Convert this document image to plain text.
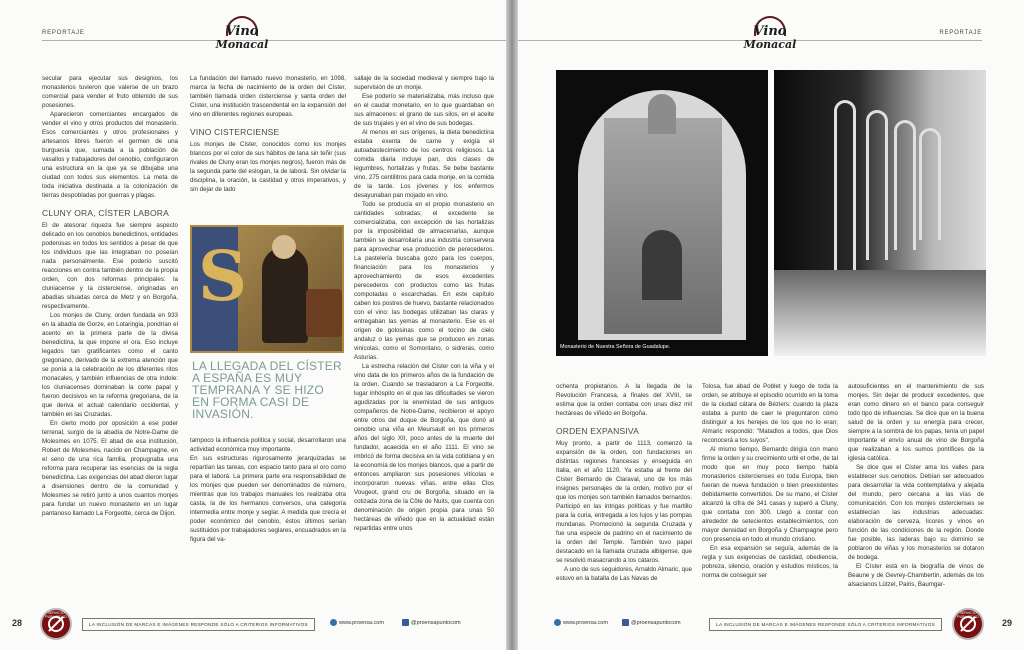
REPORTAJE	Vino
Monacal

secular para ejecutar sus designios, los monasterios tuvieron que valerse de un brazo comercial para vender el fruto obtenido de sus posesiones.

Aparecieron comerciantes encargados de vender el vino y otros productos del monasterio. Esos comerciantes y otros profesionales y artesanos libres fueron el germen de una burguesía que, sumada a la población de vasallos y trabajadores del cenobio, configuraron una estructura en la que ya se dibujaba una ciudad con todos sus elementos. La meta de toda iniciativa destinada a la colonización de tierras despobladas por guerras y plagas.

CLUNY ORA, CÍSTER LABORA

El de atesorar riqueza fue siempre aspecto delicado en los cenobios benedictinos, entidades poderosas en todos los sentidos a pesar de que los individuos que las integraban no poseían nada personalmente. Ese poderío suscitó reacciones en contra también dentro de la propia orden, con dos reformas principales: la cluniacense y la cisterciense, originadas en abadías situadas cerca de Metz y en Borgoña, respectivamente.

Los monjes de Cluny, orden fundada en 933 en la abadía de Gorze, en Lotaringia, pondrían el acento en la primera parte de la divisa benedictina, la que impone el ora. Eso incluye legados tan gratificantes como el canto gregoriano, derivado de la extrema atención que se ponía a la celebración de los diferentes ritos monacales, y también influencias de otra índole: los cluniacenses dominaban la corte papal y fueron decisivos en la reforma gregoriana, de la que deriva el actual calendario occidental, y también en las Cruzadas.

En cierto modo por oposición a ese poder terrenal, surgió de la abadía de Notre-Dame de Molesmes en 1075. El abad de esa institución, Robert de Molesmes, nacido en Champagne, en el seno de una rica familia, propugnaba una reforma para recuperar las esencias de la regla benedictina. Las exigencias del abad dieron lugar a disensiones dentro de la comunidad y Molesmes se retiró junto a unos cuantos monjes para fundar un nuevo monasterio en un lugar pantanoso llamado La Forgeotte, cerca de Dijon.

La fundación del llamado nuevo monasterio, en 1098, marca la fecha de nacimiento de la orden del Císter, también llamada orden cisterciense y santa orden del Císter, una institución trascendental en la expansión del vino en diferentes regiones europeas.

VINO CISTERCIENSE

Los monjes de Císter, conocidos como los monjes blancos por el color de sus hábitos de lana sin teñir (sus rivales de Cluny eran los monjes negros), fueron más de la segunda parte del eslogan, la de laborá. Sin olvidar la disciplina, la oración, la castidad y otros imperativos, y sin dejar de lado

S
LA LLEGADA DEL CÍSTER A ESPAÑA ES MUY TEMPRANA Y SE HIZO EN FORMA CASI DE INVASIÓN.

tampoco la influencia política y social, desarrollaron una actividad económica muy importante.
En sus estructuras rigurosamente jerarquizadas se repartían las tareas, con espacio tanto para el oro como para el laborá. La primera parte era responsabilidad de los monjes que pueden ser denominados de número, mientras que los trabajos manuales los realizaba otra casta, la de los hermanos conversos, una categoría intermedia entre monje y seglar. A medida que crecía el poder económico del cenobio, éstos últimos serían sustituidos por trabajadores seglares, encuadrados en la figura del va-

sallaje de la sociedad medieval y siempre bajo la supervisión de un monje.

Ese poderío se materializaba, más incluso que en el caudal monetario, en lo que guardaban en sus almacenes: el grano de sus silos, en el aceite de sus trujales y en el vino de sus bodegas.

Al menos en sus orígenes, la dieta benedictina estaba exenta de carne y exigía el autoabastecimiento de los centros religiosos. La comida diaria incluye pan, dos clases de legumbres, hortalizas y frutas. Se bebe bastante vino, 275 centilitros para cada monje, en la comida de la tarde. Los jóvenes y los enfermos desayunaban pan mojado en vino.

Todo se producía en el propio monasterio en cantidades sobradas; el excedente se comercializaba, con excepción de las hortalizas por la imposibilidad de almacenarlas, aunque también se desarrollaría una industria conservera para aprovechar esa producción de perecederos. La pastelería buscaba gozo para los cuerpos, financiación para los monasterios y aprovechamiento de esos excedentes perecederos con productos como las frutas compotadas o escarchadas. En este capítulo caben los postres de huevo, bastante relacionados con el vino: las bodegas utilizaban las claras y entregaban las yemas al monasterio. Ese es el origen de golosinas como el tocino de cielo andaluz o las yemas que se producen en zonas vinícolas, como el Somontano, o sidreras, como Asturias.

La estrecha relación del Císter con la viña y el vino data de los primeros años de la fundación de la orden. Cuando se trasladaron a La Forgeotte, lugar inhóspito en el que las dificultades se vieron agudizadas por la enemistad de sus antiguos compañeros de Notre-Dame, recibieron el apoyo entre otros del duque de Borgoña, que donó al cenobio una viña en Meursault en los primeros años del siglo XII, poco antes de la muerte del fundador, acaecida en el año 1111. El vino se imbricó de forma decisiva en la vida cotidiana y en la economía de los monjes blancos, que a partir de entonces ampliaron sus posesiones vitícolas e incorporaron nuevas viñas, entre ellas Clos Vougeot, grand cru de Borgoña, situado en la cotizada zona de la Côte de Nuits, que cuenta con denominación de origen propia para unas 50 hectáreas de viñedo que en la actualidad están repartidas entre unos

28
SERVICIO PUBLICIDAD
LA INCLUSIÓN DE MARCAS E IMÁGENES RESPONDE SÓLO A CRITERIOS INFORMATIVOS	www.proensa.com	@proensapuntocom
REPORTAJE
Vino
Monacal
Monasterio de Nuestra Señora de Guadalupe.

ochenta propietarios. A la llegada de la Revolución Francesa, a finales del XVIII, se estima que la orden contaba con unas diez mil hectáreas de viñedo en Borgoña.

ORDEN EXPANSIVA

Muy pronto, a partir de 1113, comenzó la expansión de la orden, con fundaciones en distintas regiones francesas y enseguida en Italia, en el año 1120. Ya estaba al frente del Císter Bernardo de Claraval, uno de los más insignes personajes de la orden, motivo por el que los monjes son también llamados bernardos. Participó en las intrigas políticas y fue martillo para la curia, entregada a los lujos y las pompas mundanas. Promocionó la segunda Cruzada y fue una especie de padrino en el nacimiento de la orden del Temple. También tuvo papel destacado en la llamada cruzada albigense, que se resolvió masacrando a los cátaros.

A uno de sus seguidores, Arnaldo Almaric, que estuvo en la batalla de Las Navas de

Tolosa, fue abad de Poblet y luego de toda la orden, se atribuye el episodio ocurrido en la toma de la ciudad cátara de Béziers: cuando la plaza estaba a punto de caer le preguntaron cómo distinguir a los herejes de los que no lo eran; Almaric respondió: "Matadlos a todos, que Dios reconocerá a los suyos".

Al mismo tiempo, Bernardo dirigía con mano firme la orden y su crecimiento urbi et orbe, de tal modo que en muy poco tiempo había monasterios cistercienses en toda Europa, bien fueran de nueva fundación o bien preexistentes debidamente convertidos. De su mano, el Císter alcanzó la cifra de 341 casas y superó a Cluny, que contaba con 300. Llegó a contar con alrededor de setecientos establecimientos, con mayor densidad en Borgoña y Champagne pero con presencia en todo el mundo cristiano.

En esa expansión se seguía, además de la regla y sus exigencias de castidad, obediencia, pobreza, silencio, oración y estudios místicos, la norma de conseguir ser

autosuficientes en el mantenimiento de sus monjes. Sin dejar de producir excedentes, que eran como dinero en el banco para conseguir todo tipo de influencias. Se dice que en la buena salud de la orden y su energía para crecer, siempre a la sombra de los papas, tenía un papel importante el envío anual de vino de Borgoña que realizaban a los sumos pontífices de la iglesia católica.

Se dice que el Císter ama los valles para establecer sus cenobios. Debían ser adecuados para desarrollar la vida contemplativa y alejada del mundo, pero cercana a las vías de comunicación. Con los monjes cistercienses se establecían las industrias adecuadas: elaboración de cerveza, licores y vinos en función de las condiciones de la región. Donde fue posible, las laderas bajo su dominio se poblaron de viñas y los monasterios se dotaron de bodega.

El Císter está en la biografía de vinos de Beaune y de Gevrey-Chambertin, además de los alsacianos Lützel, Pairis, Baumgar-

www.proensa.com	@proensapuntocom	LA INCLUSIÓN DE MARCAS E IMÁGENES RESPONDE SÓLO A CRITERIOS INFORMATIVOS
SERVICIO PUBLICIDAD
29
